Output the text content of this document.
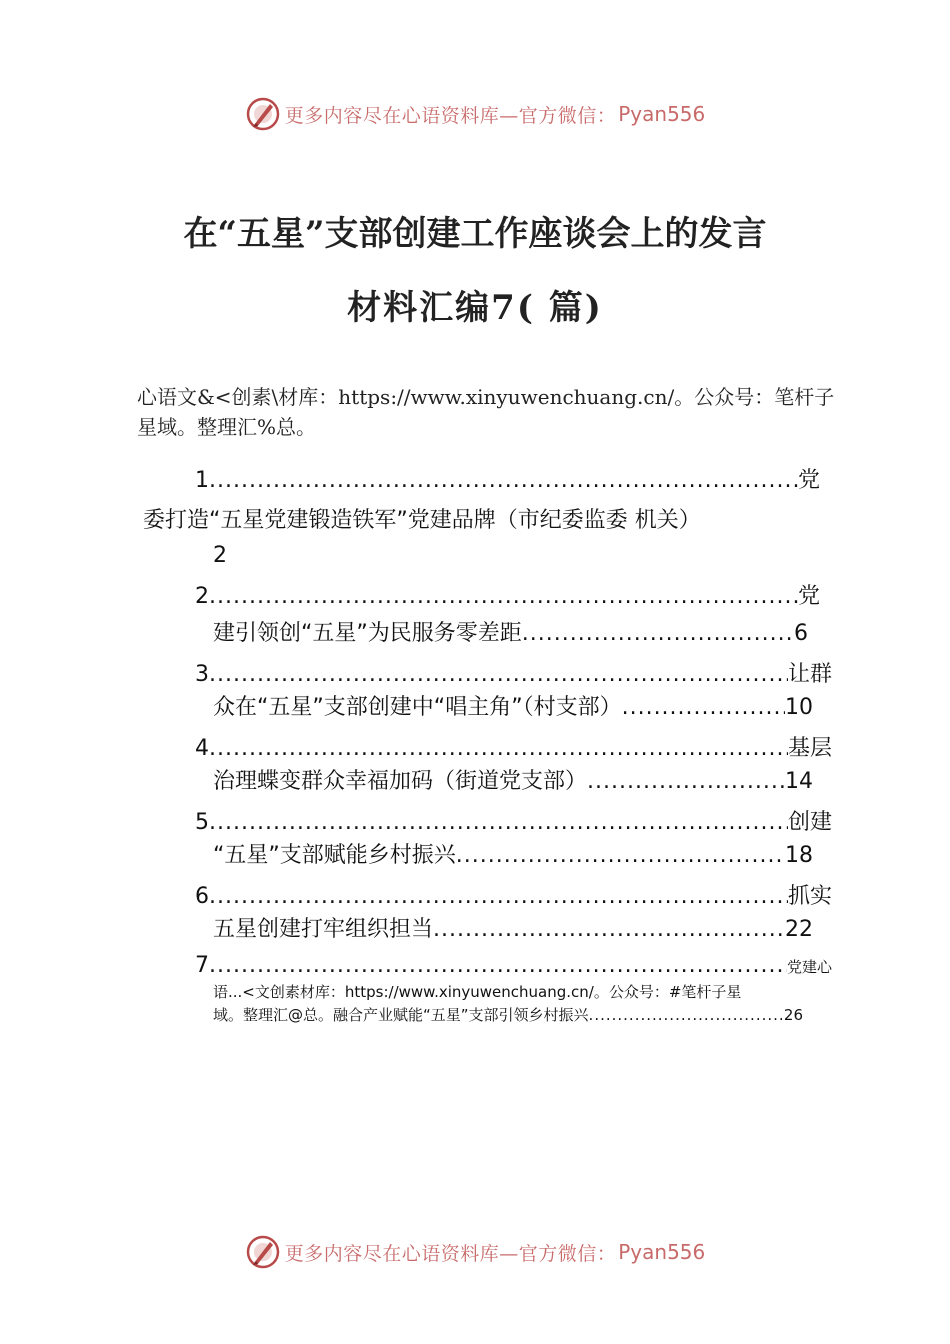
更多内容尽在心语资料库—官方微信： Pyan556
在“五星”支部创建工作座谈会上的发言
材料汇编7( 篇)
心语文&<创素\材库：https://www.xinyuwenchuang.cn/。公众号：笔杆子星域。整理汇%总。
1 .....	党
委打造“五星党建锻造铁军”党建品牌（市纪委监委 机关）
2
2 .....	党
建引领创“五星”为民服务零差距 .....	6
3 .....	让群
众在“五星”支部创建中“唱主角”（村支部） .....	10
4 .....	基层
治理蝶变群众幸福加码（街道党支部） .....	14
5 .....	创建
“五星”支部赋能乡村振兴 .....	18
6 .....	抓实
五星创建打牢组织担当 .....	22
7 .....	党建心
语...<文创素材库：https://www.xinyuwenchuang.cn/。公众号：#笔杆子星
域。整理汇@总。融合产业赋能“五星”支部引领乡村振兴 .....	26
更多内容尽在心语资料库—官方微信： Pyan556
